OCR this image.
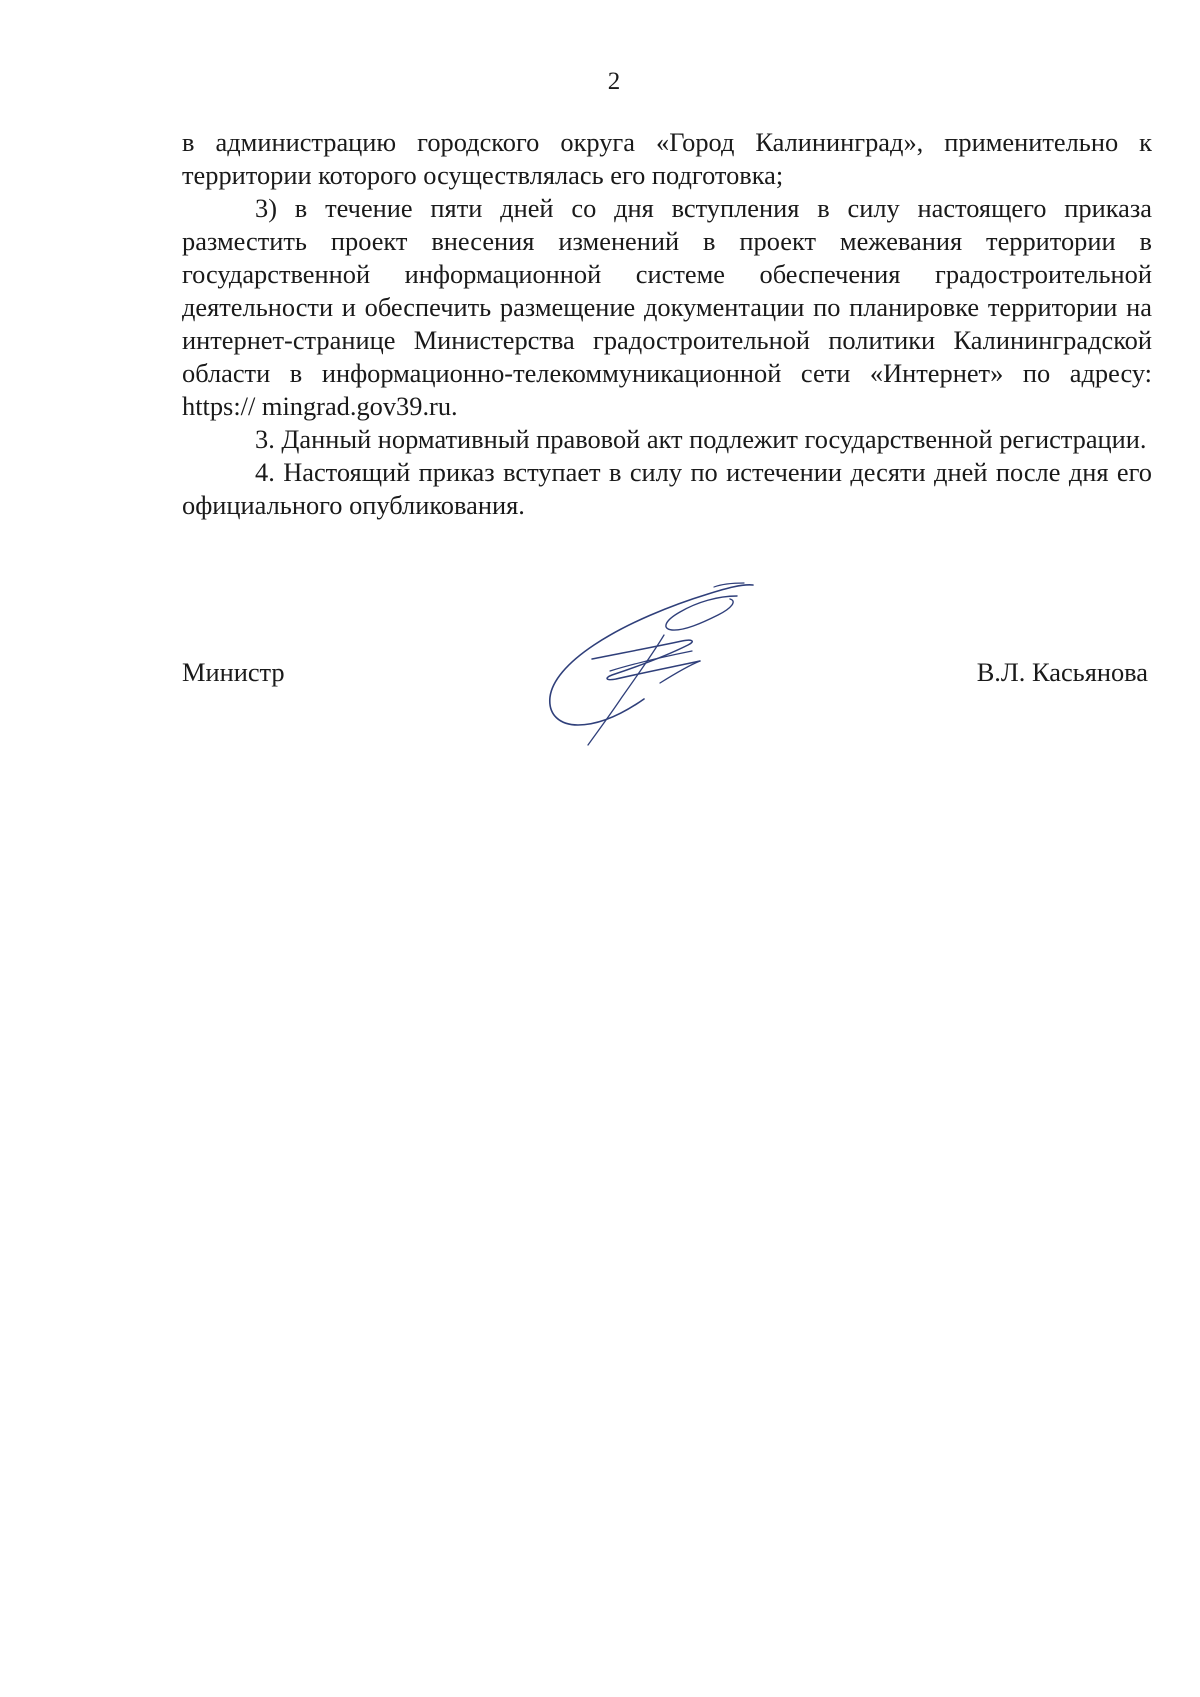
2

в администрацию городского округа «Город Калининград», применительно к территории которого осуществлялась его подготовка;

3) в течение пяти дней со дня вступления в силу настоящего приказа разместить проект внесения изменений в проект межевания территории в государственной информационной системе обеспечения градостроительной деятельности и обеспечить размещение документации по планировке территории на интернет-странице Министерства градостроительной политики Калининградской области в информационно-телекоммуникационной сети «Интернет» по адресу: https:// mingrad.gov39.ru.

3. Данный нормативный правовой акт подлежит государственной регистрации.

4. Настоящий приказ вступает в силу по истечении десяти дней после дня его официального опубликования.

Министр	В.Л. Касьянова
